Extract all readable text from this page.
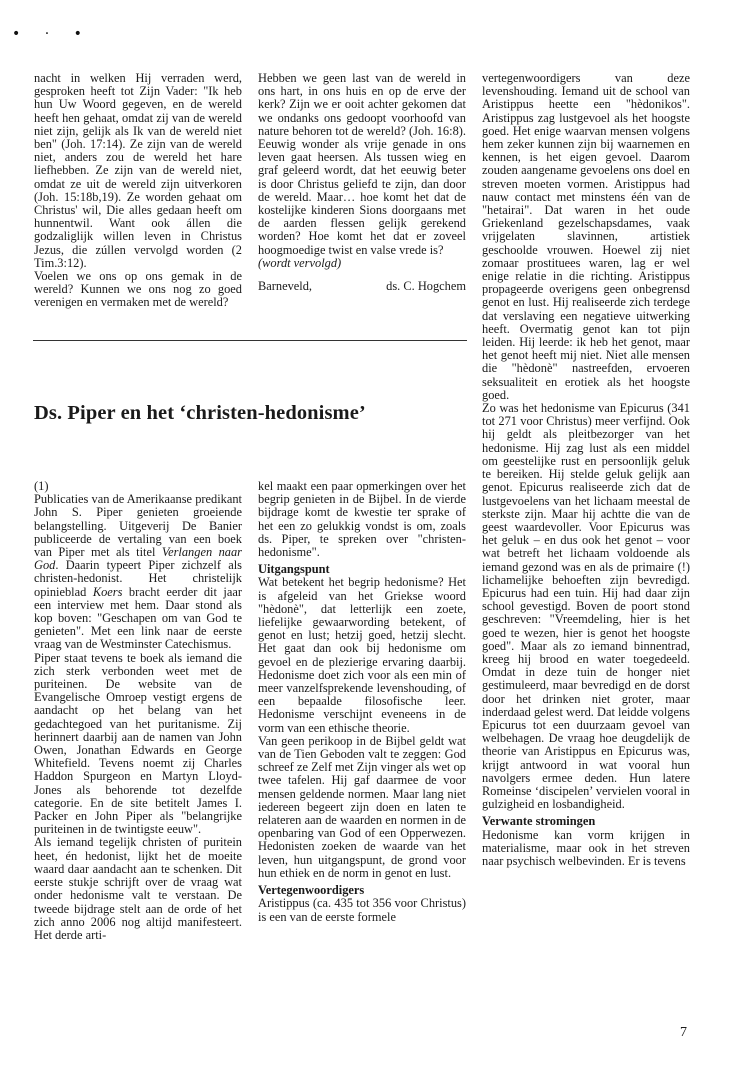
• · •

nacht in welken Hij verraden werd, gesproken heeft tot Zijn Vader: "Ik heb hun Uw Woord gegeven, en de wereld heeft hen gehaat, omdat zij van de wereld niet zijn, gelijk als Ik van de wereld niet ben" (Joh. 17:14). Ze zijn van de wereld niet, anders zou de wereld het hare liefhebben. Ze zijn van de wereld niet, omdat ze uit de wereld zijn uitverkoren (Joh. 15:18b,19). Ze worden gehaat om Christus' wil, Die alles gedaan heeft om hunnentwil. Want ook állen die godzaliglijk willen leven in Christus Jezus, die zúllen vervolgd worden (2 Tim.3:12).

Voelen we ons op ons gemak in de wereld? Kunnen we ons nog zo goed verenigen en vermaken met de wereld?

Hebben we geen last van de wereld in ons hart, in ons huis en op de erve der kerk? Zijn we er ooit achter gekomen dat we ondanks ons gedoopt voorhoofd van nature behoren tot de wereld? (Joh. 16:8). Eeuwig wonder als vrije genade in ons leven gaat heersen. Als tussen wieg en graf geleerd wordt, dat het eeuwig beter is door Christus geliefd te zijn, dan door de wereld. Maar… hoe komt het dat de kostelijke kinderen Sions doorgaans met de aarden flessen gelijk gerekend worden? Hoe komt het dat er zoveel hoogmoedige twist en valse vrede is?

(wordt vervolgd)

Barneveld,	ds. C. Hogchem

Ds. Piper en het ‘christen-hedonisme’

(1)

Publicaties van de Amerikaanse predikant John S. Piper genieten groeiende belangstelling. Uitgeverij De Banier publiceerde de vertaling van een boek van Piper met als titel Verlangen naar God. Daarin typeert Piper zichzelf als christen-hedonist. Het christelijk opinieblad Koers bracht eerder dit jaar een interview met hem. Daar stond als kop boven: "Geschapen om van God te genieten". Met een link naar de eerste vraag van de Westminster Catechismus.

Piper staat tevens te boek als iemand die zich sterk verbonden weet met de puriteinen. De website van de Evangelische Omroep vestigt ergens de aandacht op het belang van het gedachtegoed van het puritanisme. Zij herinnert daarbij aan de namen van John Owen, Jonathan Edwards en George Whitefield. Tevens noemt zij Charles Haddon Spurgeon en Martyn Lloyd-Jones als behorende tot dezelfde categorie. En de site betitelt James I. Packer en John Piper als "belangrijke puriteinen in de twintigste eeuw".

Als iemand tegelijk christen of puritein heet, én hedonist, lijkt het de moeite waard daar aandacht aan te schenken. Dit eerste stukje schrijft over de vraag wat onder hedonisme valt te verstaan. De tweede bijdrage stelt aan de orde of het zich anno 2006 nog altijd manifesteert. Het derde arti-

kel maakt een paar opmerkingen over het begrip genieten in de Bijbel. In de vierde bijdrage komt de kwestie ter sprake of het een zo gelukkig vondst is om, zoals ds. Piper, te spreken over "christen-hedonisme".

Uitgangspunt

Wat betekent het begrip hedonisme? Het is afgeleid van het Griekse woord "hèdonè", dat letterlijk een zoete, liefelijke gewaarwording betekent, of genot en lust; hetzij goed, hetzij slecht. Het gaat dan ook bij hedonisme om gevoel en de plezierige ervaring daarbij. Hedonisme doet zich voor als een min of meer vanzelfsprekende levenshouding, of een bepaalde filosofische leer. Hedonisme verschijnt eveneens in de vorm van een ethische theorie.

Van geen perikoop in de Bijbel geldt wat van de Tien Geboden valt te zeggen: God schreef ze Zelf met Zijn vinger als wet op twee tafelen. Hij gaf daarmee de voor mensen geldende normen. Maar lang niet iedereen begeert zijn doen en laten te relateren aan de waarden en normen in de openbaring van God of een Opperwezen. Hedonisten zoeken de waarde van het leven, hun uitgangspunt, de grond voor hun ethiek en de norm in genot en lust.

Vertegenwoordigers

Aristippus (ca. 435 tot 356 voor Christus) is een van de eerste formele

vertegenwoordigers van deze levenshouding. Iemand uit de school van Aristippus heette een "hèdonikos". Aristippus zag lustgevoel als het hoogste goed. Het enige waarvan mensen volgens hem zeker kunnen zijn bij waarnemen en kennen, is het eigen gevoel. Daarom zouden aangename gevoelens ons doel en streven moeten vormen. Aristippus had nauw contact met minstens één van de "hetairai". Dat waren in het oude Griekenland gezelschapsdames, vaak vrijgelaten slavinnen, artistiek geschoolde vrouwen. Hoewel zij niet zomaar prostituees waren, lag er wel enige relatie in die richting. Aristippus propageerde overigens geen onbegrensd genot en lust. Hij realiseerde zich terdege dat verslaving een negatieve uitwerking heeft. Overmatig genot kan tot pijn leiden. Hij leerde: ik heb het genot, maar het genot heeft mij niet. Niet alle mensen die "hèdonè" nastreefden, ervoeren seksualiteit en erotiek als het hoogste goed.

Zo was het hedonisme van Epicurus (341 tot 271 voor Christus) meer verfijnd. Ook hij geldt als pleitbezorger van het hedonisme. Hij zag lust als een middel om geestelijke rust en persoonlijk geluk te bereiken. Hij stelde geluk gelijk aan genot. Epicurus realiseerde zich dat de lustgevoelens van het lichaam meestal de sterkste zijn. Maar hij achtte die van de geest waardevoller. Voor Epicurus was het geluk – en dus ook het genot – voor wat betreft het lichaam voldoende als iemand gezond was en als de primaire (!) lichamelijke behoeften zijn bevredigd. Epicurus had een tuin. Hij had daar zijn school gevestigd. Boven de poort stond geschreven: "Vreemdeling, hier is het goed te wezen, hier is genot het hoogste goed". Maar als zo iemand binnentrad, kreeg hij brood en water toegedeeld. Omdat in deze tuin de honger niet gestimuleerd, maar bevredigd en de dorst door het drinken niet groter, maar inderdaad gelest werd. Dat leidde volgens Epicurus tot een duurzaam gevoel van welbehagen. De vraag hoe deugdelijk de theorie van Aristippus en Epicurus was, krijgt antwoord in wat vooral hun navolgers ermee deden. Hun latere Romeinse ‘discipelen’ vervielen vooral in gulzigheid en losbandigheid.

Verwante stromingen

Hedonisme kan vorm krijgen in materialisme, maar ook in het streven naar psychisch welbevinden. Er is tevens

7
